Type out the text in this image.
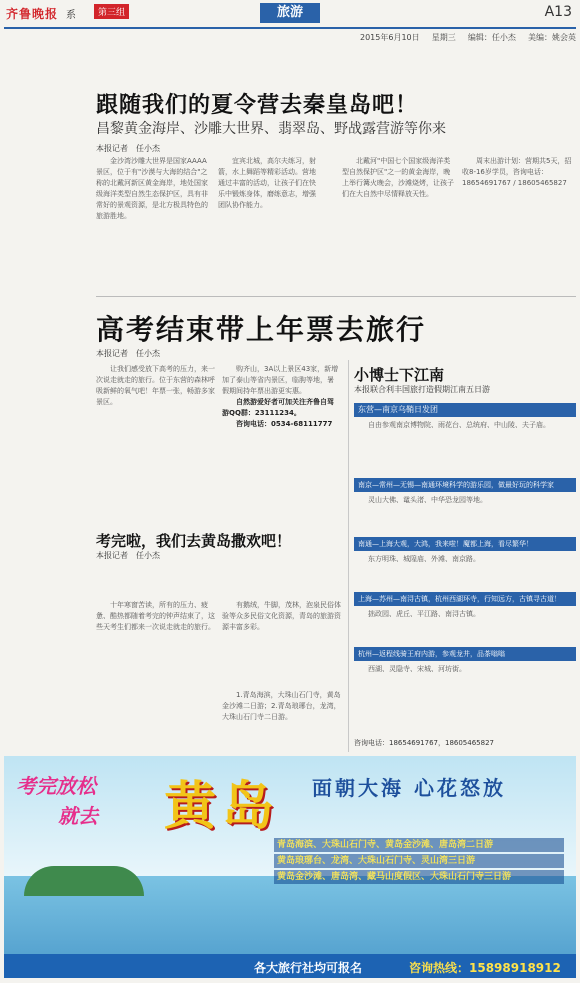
齐鲁晚报 系	第三组	旅游	A13
2015年6月10日 星期三 编辑：任小杰 美编：姚会英
跟随我们的夏令营去秦皇岛吧！
昌黎黄金海岸、沙雕大世界、翡翠岛、野战露营游等你来
本报记者　任小杰

金沙湾沙雕大世界是国家AAAA景区，位于有"沙漠与大海的结合"之称的北戴河新区黄金海岸，地处国家级海洋类型自然生态保护区，具有非常好的景观资源，是北方极具特色的旅游胜地。

宜宾北城，高尔夫练习，射箭，水上舞蹈等精彩活动。营地通过丰富的活动，让孩子们在快乐中锻炼身体，磨练意志，增强团队协作能力。

北戴河"中国七个国家级海洋类型自然保护区"之一的黄金海岸，晚上举行篝火晚会，沙滩烧烤，让孩子们在大自然中尽情释放天性。

周末出游计划：营期共5天，招收8-16岁学员，咨询电话：18654691767 / 18605465827

高考结束带上年票去旅行
本报记者　任小杰

让我们感受放下高考的压力，来一次说走就走的旅行。位于东营的森林呼吸新鲜的氧气吧！年票一张，畅游多家景区。

购齐山，3A以上景区43家，新增加了泰山等省内景区，临朐等地，暑假期间持年票出游更实惠。

自然游爱好者可加关注齐鲁自驾游QQ群：23111234。

咨询电话：0534-68111777

考完啦，我们去黄岛撒欢吧！
本报记者　任小杰

十年寒窗苦读，所有的压力、疲惫、酷热都随着考完的钟声结束了，这些天考生们都来一次说走就走的旅行。

有鹅绒，牛脚，茂林，泡泉民俗体验等众多民俗文化资源，青岛的旅游资源丰富多彩。

1.青岛海滨，大珠山石门寺，黄岛金沙滩二日游；2.青岛琅琊台，龙湾，大珠山石门寺二日游。

小博士下江南
本报联合利丰国旅打造假期江南五日游
东营—南京乌鞘日发团

自由参观南京博物院、雨花台、总统府、中山陵、夫子庙。

南京—常州—无锡—南通环境科学的游乐园，做最好玩的科学家

灵山大佛、鼋头渚、中华恐龙园等地。

南通—上海大观，大鸿，我来啦！魔都上海，看尽繁华！

东方明珠、城隍庙、外滩、南京路。

上海—苏州—南浔古镇，杭州西湖环寺，行知远方，古镇寻古道！

拙政园、虎丘、平江路、南浔古镇。

杭州—返程线骑王府内游，参观龙井，品茶嗡嗡

西湖、灵隐寺、宋城、河坊街。

咨询电话：18654691767，18605465827
考完放松
就去 黄岛 面朝大海 心花怒放
青岛海滨、大珠山石门寺、黄岛金沙滩、唐岛湾二日游
黄岛琅琊台、龙湾、大珠山石门寺、灵山湾三日游
黄岛金沙滩、唐岛湾、藏马山度假区、大珠山石门寺三日游
各大旅行社均可报名	咨询热线：15898918912
